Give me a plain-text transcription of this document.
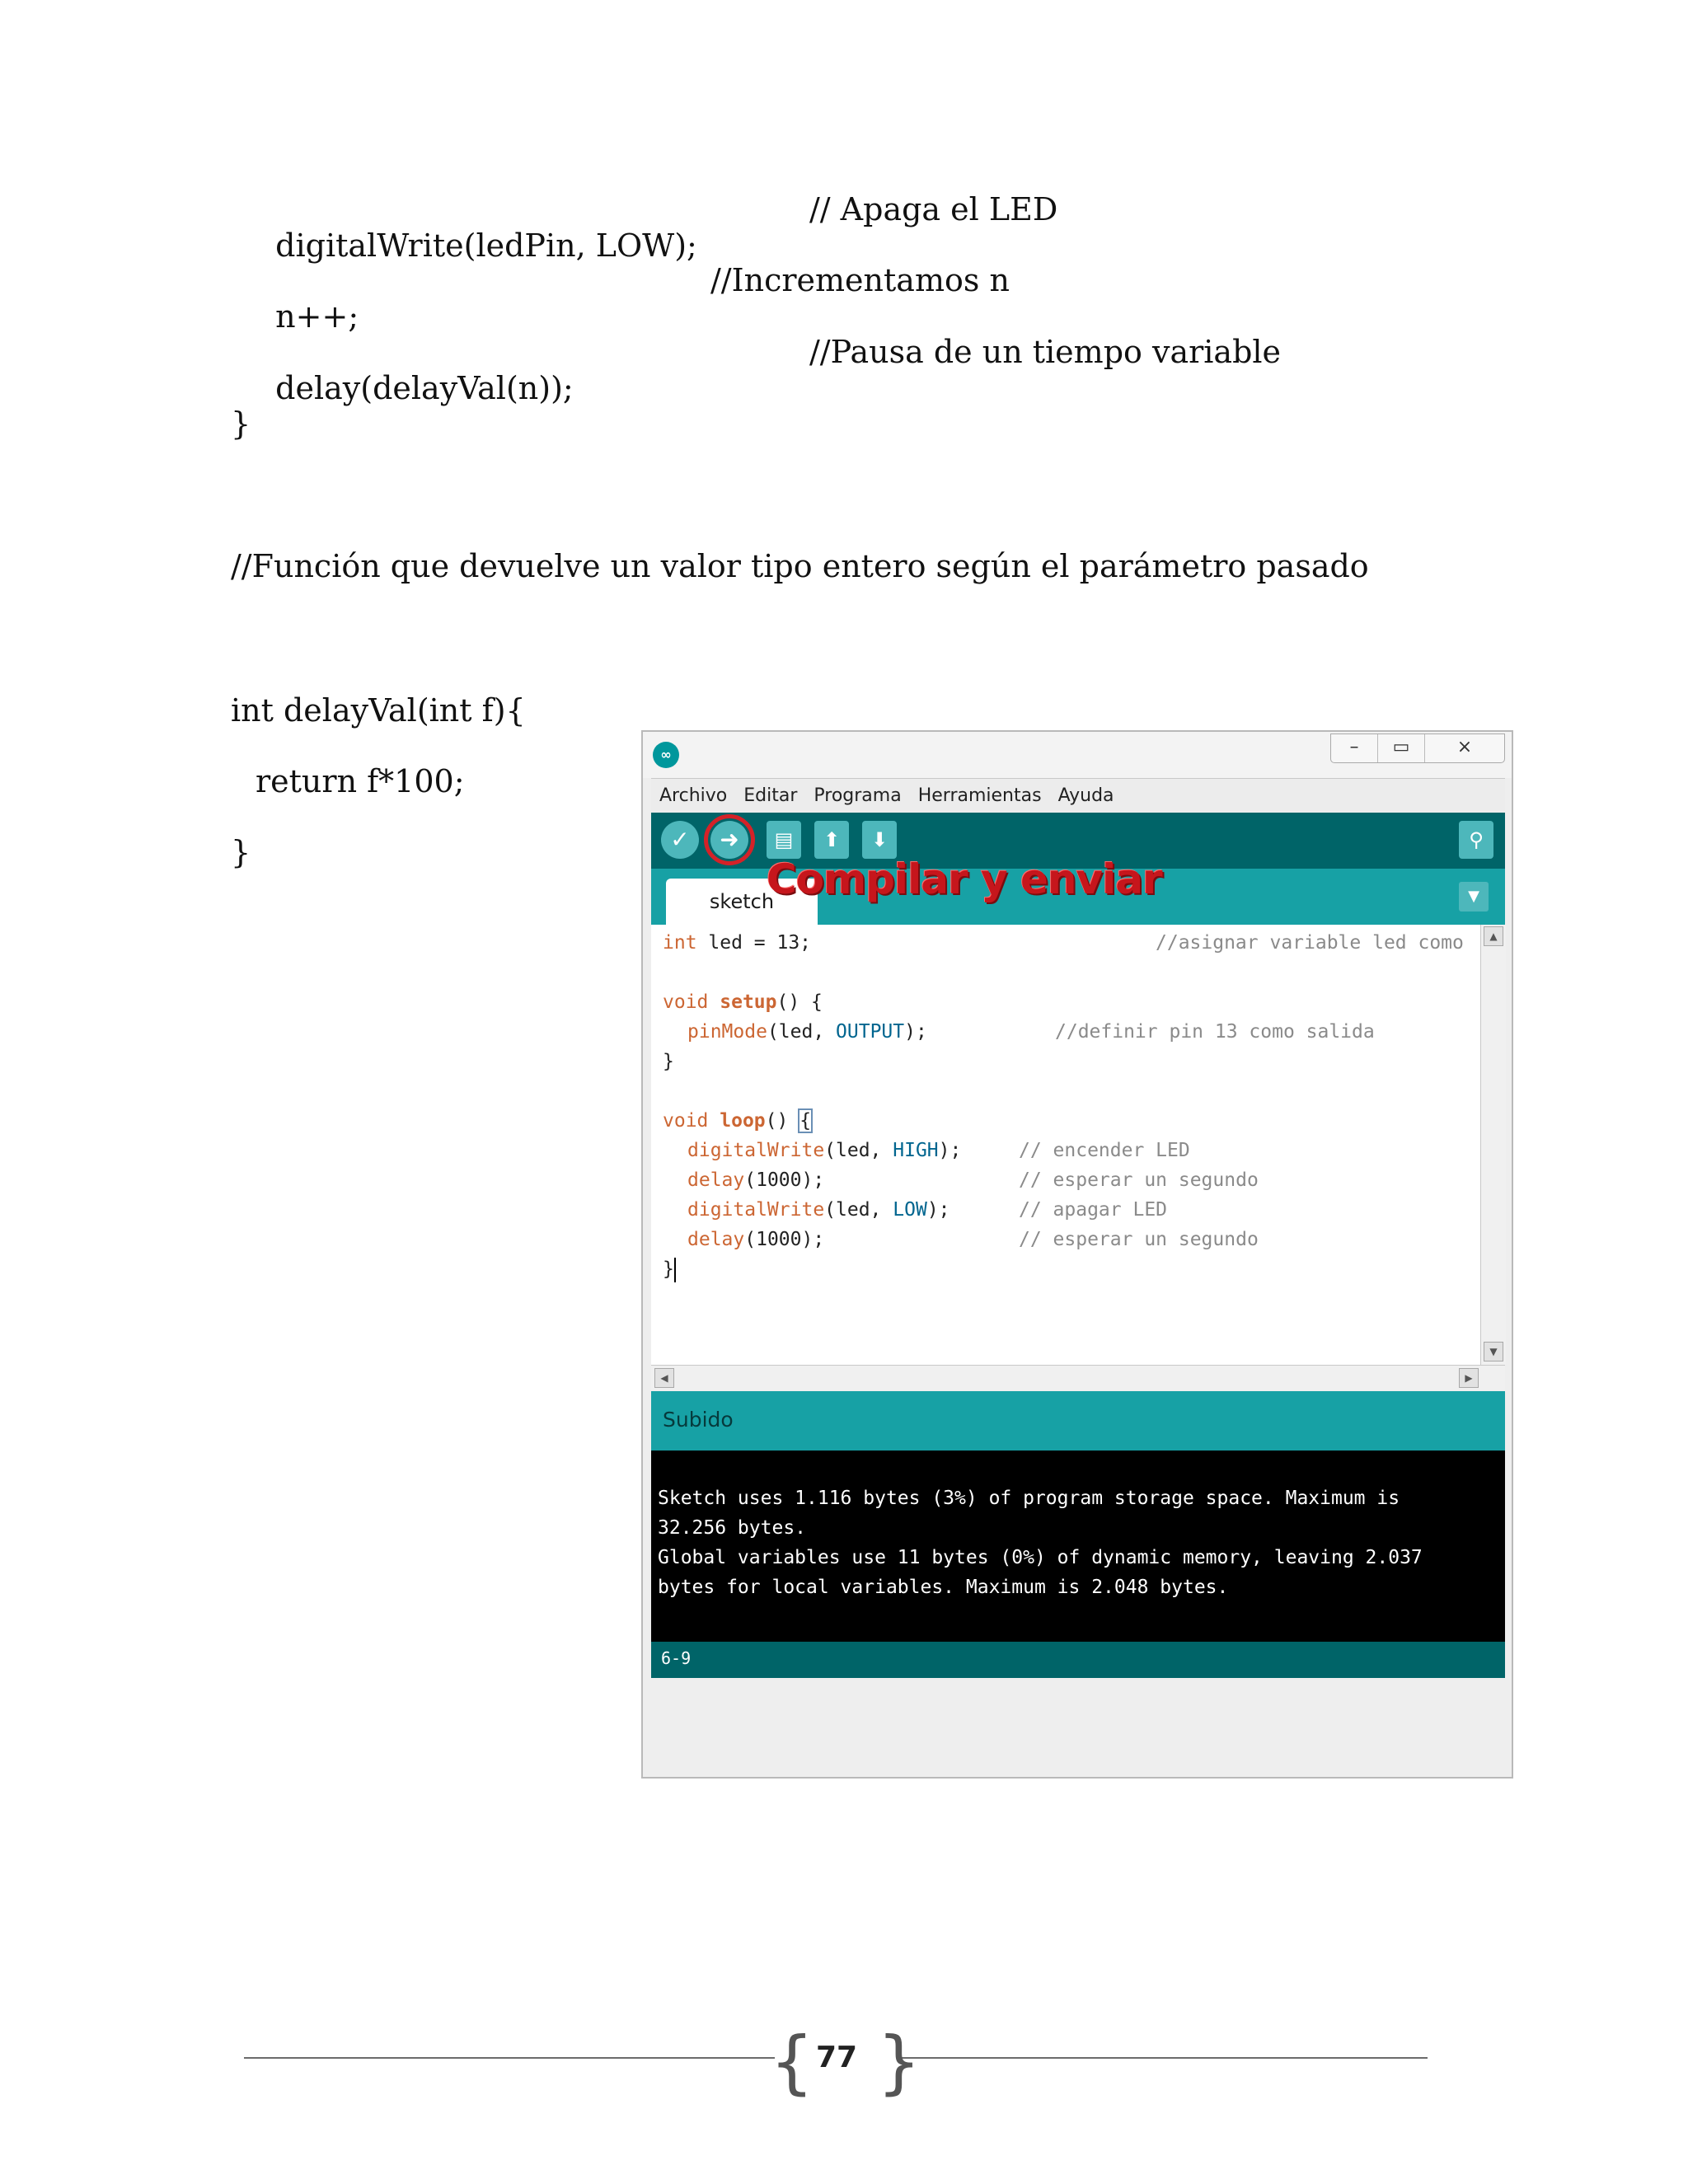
digitalWrite(ledPin, LOW);

// Apaga el LED

n++;

//Incrementamos n

delay(delayVal(n));

//Pausa de un tiempo variable
}
//Función que devuelve un valor tipo entero según el parámetro pasado
int delayVal(int f){
return f*100;
}
∞	–	▭	×
Archivo Editar Programa Herramientas Ayuda
✓	➜	▤	⬆	⬇	⚲
sketch	▼
Compilar y enviar
int led = 13;	//asignar variable led como
void setup() {
pinMode(led, OUTPUT);	//definir pin 13 como salida
}
void loop() {
digitalWrite(led, HIGH);	// encender LED
delay(1000);	// esperar un segundo
digitalWrite(led, LOW);	// apagar LED
delay(1000);	// esperar un segundo
}
▲
▼
◀	▶
Subido
Sketch uses 1.116 bytes (3%) of program storage space. Maximum is
32.256 bytes.
Global variables use 11 bytes (0%) of dynamic memory, leaving 2.037
bytes for local variables. Maximum is 2.048 bytes.
6-9
{ }
77
